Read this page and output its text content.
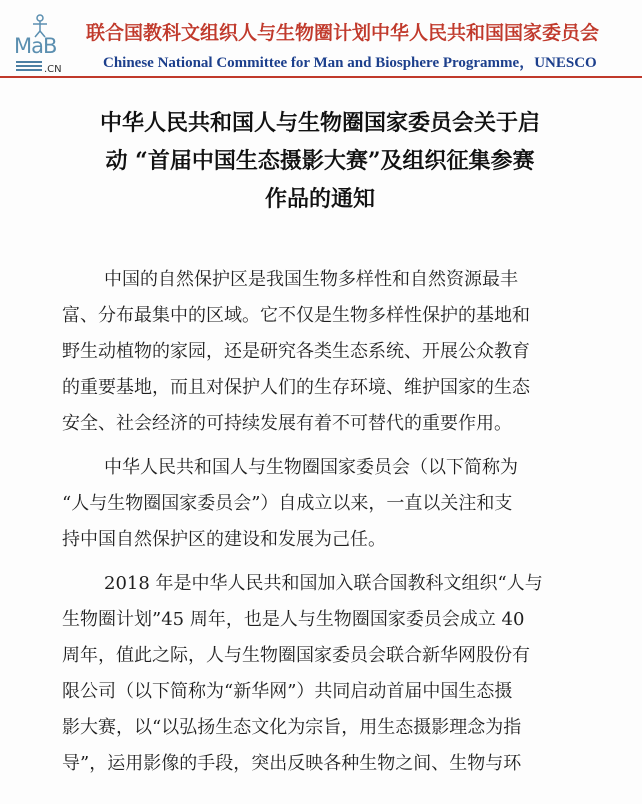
MaB
.CN
联合国教科文组织人与生物圈计划中华人民共和国国家委员会
Chinese National Committee for Man and Biosphere Programme，UNESCO
中华人民共和国人与生物圈国家委员会关于启
动 “首届中国生态摄影大赛”及组织征集参赛
作品的通知

中国的自然保护区是我国生物多样性和自然资源最丰
富、分布最集中的区域。它不仅是生物多样性保护的基地和
野生动植物的家园，还是研究各类生态系统、开展公众教育
的重要基地，而且对保护人们的生存环境、维护国家的生态
安全、社会经济的可持续发展有着不可替代的重要作用。

中华人民共和国人与生物圈国家委员会（以下简称为
“人与生物圈国家委员会”）自成立以来，一直以关注和支
持中国自然保护区的建设和发展为己任。

2018 年是中华人民共和国加入联合国教科文组织“人与
生物圈计划”45 周年，也是人与生物圈国家委员会成立 40
周年，值此之际，人与生物圈国家委员会联合新华网股份有
限公司（以下简称为“新华网”）共同启动首届中国生态摄
影大赛，以“以弘扬生态文化为宗旨，用生态摄影理念为指
导”，运用影像的手段，突出反映各种生物之间、生物与环
